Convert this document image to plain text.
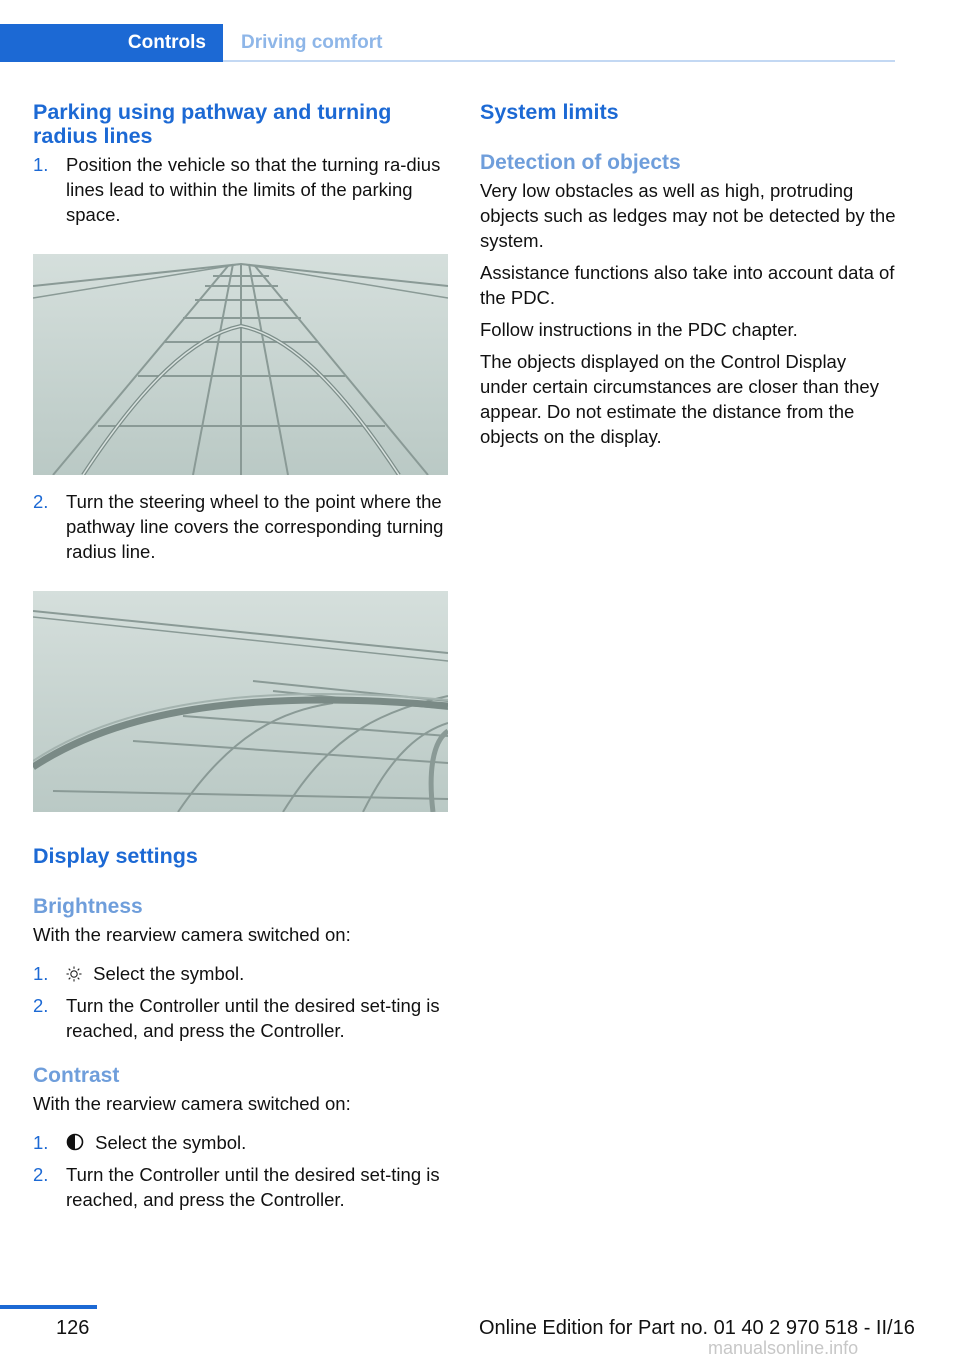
Controls	Driving comfort
Parking using pathway and turning radius lines
1. Position the vehicle so that the turning ra‐dius lines lead to within the limits of the parking space.
2. Turn the steering wheel to the point where the pathway line covers the corresponding turning radius line.
Display settings
Brightness

With the rearview camera switched on:

1. Select the symbol.
2. Turn the Controller until the desired set‐ting is reached, and press the Controller.
Contrast

With the rearview camera switched on:

1.	Select the symbol.
2. Turn the Controller until the desired set‐ting is reached, and press the Controller.
System limits
Detection of objects

Very low obstacles as well as high, protruding objects such as ledges may not be detected by the system.

Assistance functions also take into account data of the PDC.

Follow instructions in the PDC chapter.

The objects displayed on the Control Display under certain circumstances are closer than they appear. Do not estimate the distance from the objects on the display.

126	Online Edition for Part no. 01 40 2 970 518 - II/16
manualsonline.info
